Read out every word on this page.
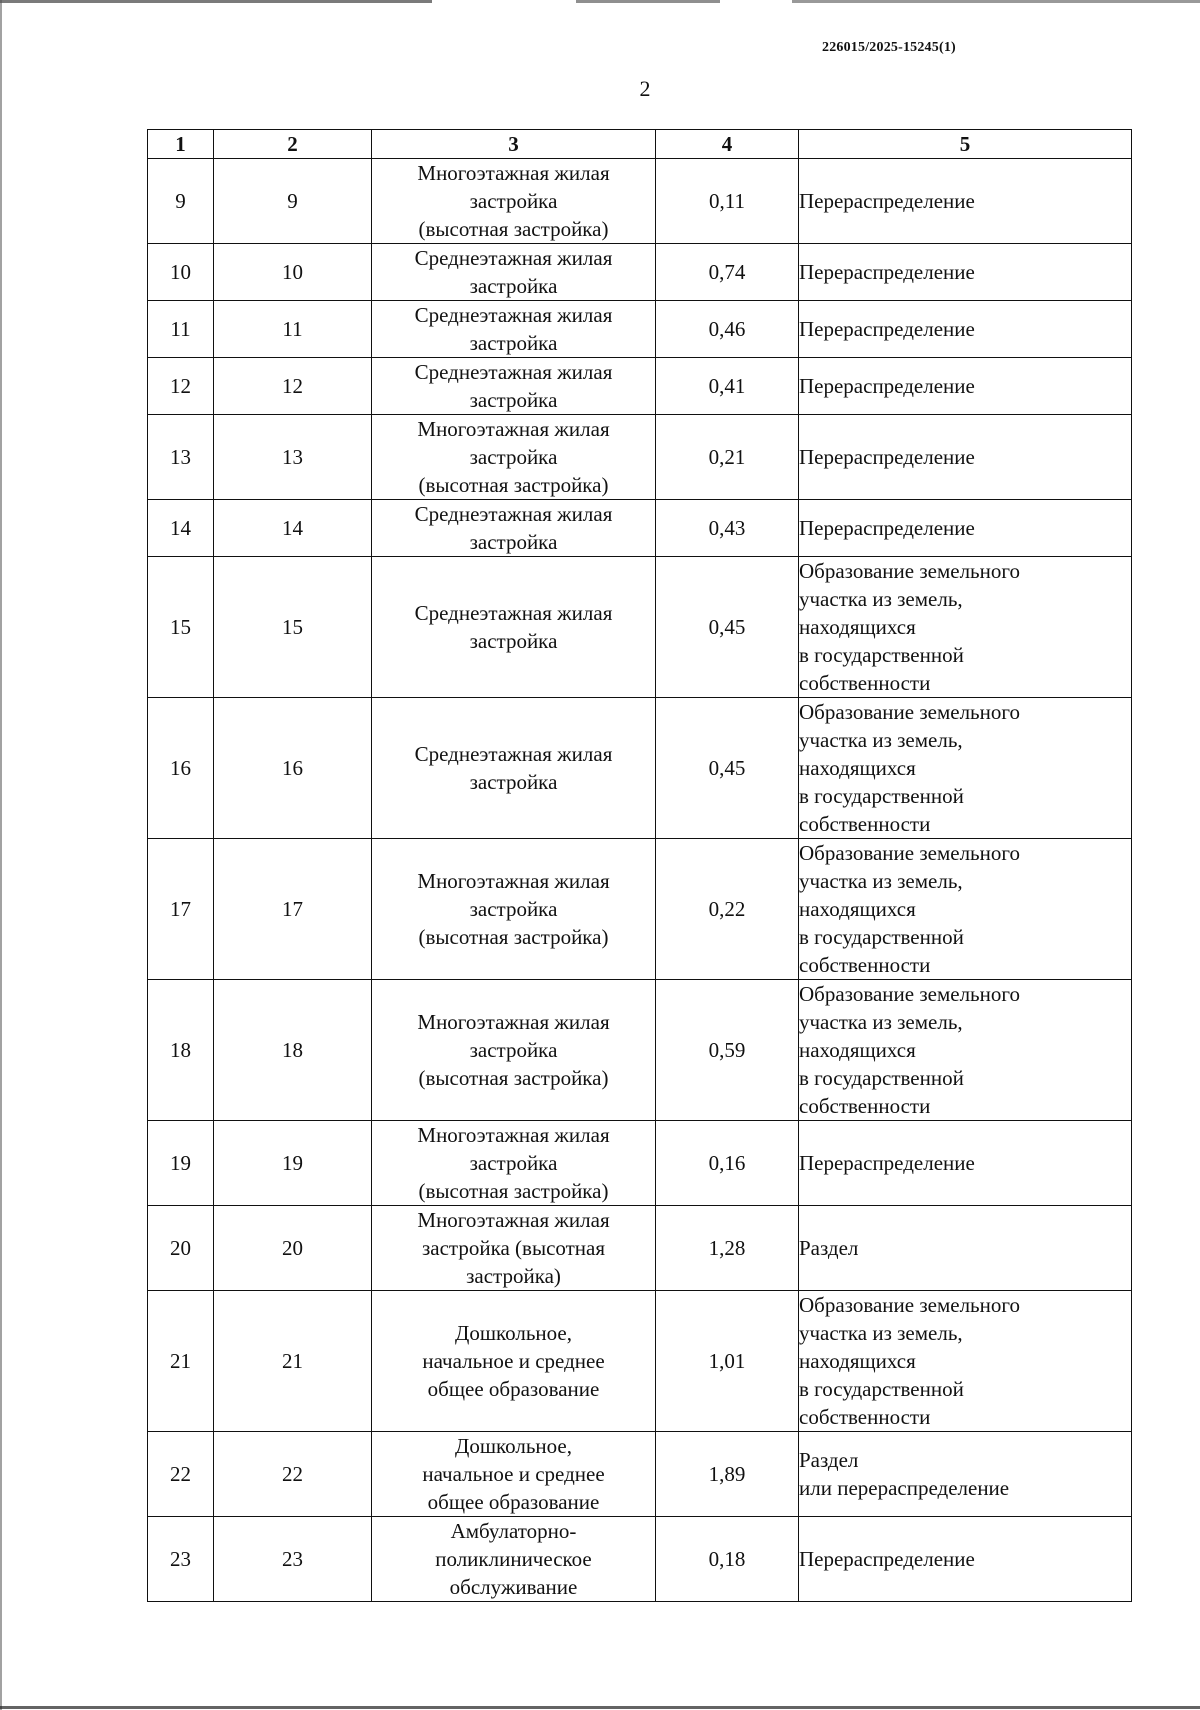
226015/2025-15245(1)
2
1	2	3	4	5
9	9	Многоэтажная жилая
застройка
(высотная застройка)	0,11	Перераспределение
10	10	Среднеэтажная жилая
застройка	0,74	Перераспределение
11	11	Среднеэтажная жилая
застройка	0,46	Перераспределение
12	12	Среднеэтажная жилая
застройка	0,41	Перераспределение
13	13	Многоэтажная жилая
застройка
(высотная застройка)	0,21	Перераспределение
14	14	Среднеэтажная жилая
застройка	0,43	Перераспределение
15	15	Среднеэтажная жилая
застройка	0,45	Образование земельного
участка из земель,
находящихся
в государственной
собственности
16	16	Среднеэтажная жилая
застройка	0,45	Образование земельного
участка из земель,
находящихся
в государственной
собственности
17	17	Многоэтажная жилая
застройка
(высотная застройка)	0,22	Образование земельного
участка из земель,
находящихся
в государственной
собственности
18	18	Многоэтажная жилая
застройка
(высотная застройка)	0,59	Образование земельного
участка из земель,
находящихся
в государственной
собственности
19	19	Многоэтажная жилая
застройка
(высотная застройка)	0,16	Перераспределение
20	20	Многоэтажная жилая
застройка (высотная
застройка)	1,28	Раздел
21	21	Дошкольное,
начальное и среднее
общее образование	1,01	Образование земельного
участка из земель,
находящихся
в государственной
собственности
22	22	Дошкольное,
начальное и среднее
общее образование	1,89	Раздел
или перераспределение
23	23	Амбулаторно-
поликлиническое
обслуживание	0,18	Перераспределение
